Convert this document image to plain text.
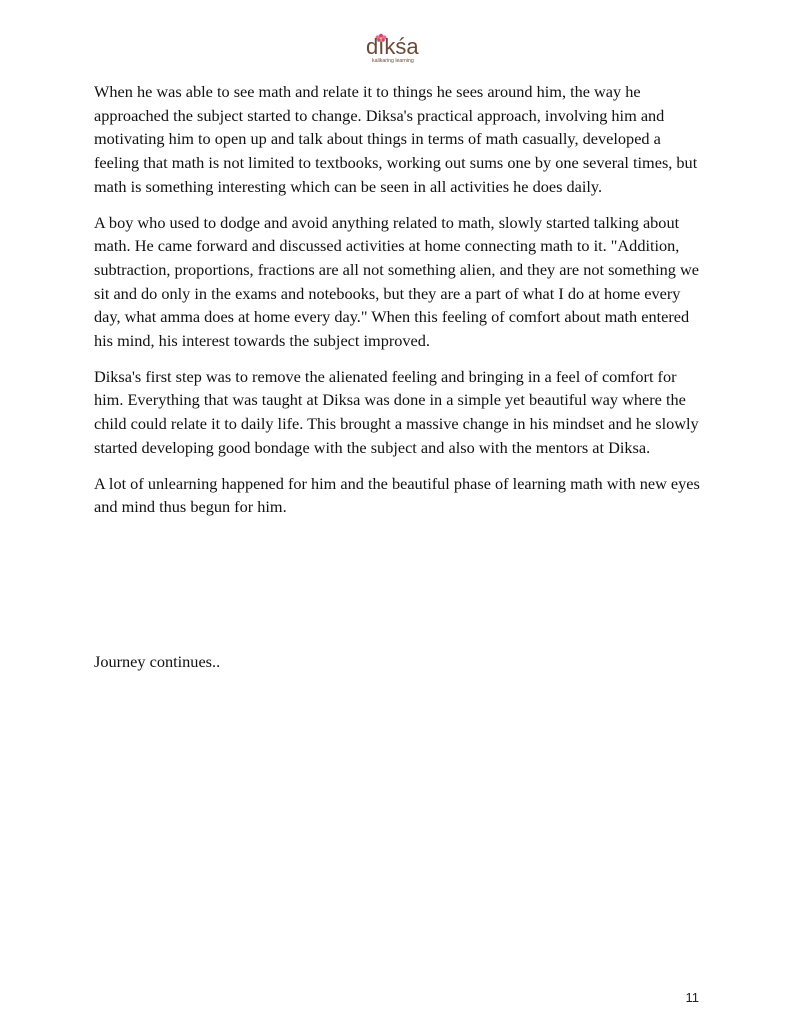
dıkśa
kalikaring learning

When he was able to see math and relate it to things he sees around him, the way he approached the subject started to change. Diksa's practical approach, involving him and motivating him to open up and talk about things in terms of math casually, developed a feeling that math is not limited to textbooks, working out sums one by one several times, but math is something interesting which can be seen in all activities he does daily.

A boy who used to dodge and avoid anything related to math, slowly started talking about math. He came forward and discussed activities at home connecting math to it. "Addition, subtraction, proportions, fractions are all not something alien, and they are not something we sit and do only in the exams and notebooks, but they are a part of what I do at home every day, what amma does at home every day." When this feeling of comfort about math entered his mind, his interest towards the subject improved.

Diksa's first step was to remove the alienated feeling and bringing in a feel of comfort for him. Everything that was taught at Diksa was done in a simple yet beautiful way where the child could relate it to daily life. This brought a massive change in his mindset and he slowly started developing good bondage with the subject and also with the mentors at Diksa.

A lot of unlearning happened for him and the beautiful phase of learning math with new eyes and mind thus begun for him.

Journey continues..

11
